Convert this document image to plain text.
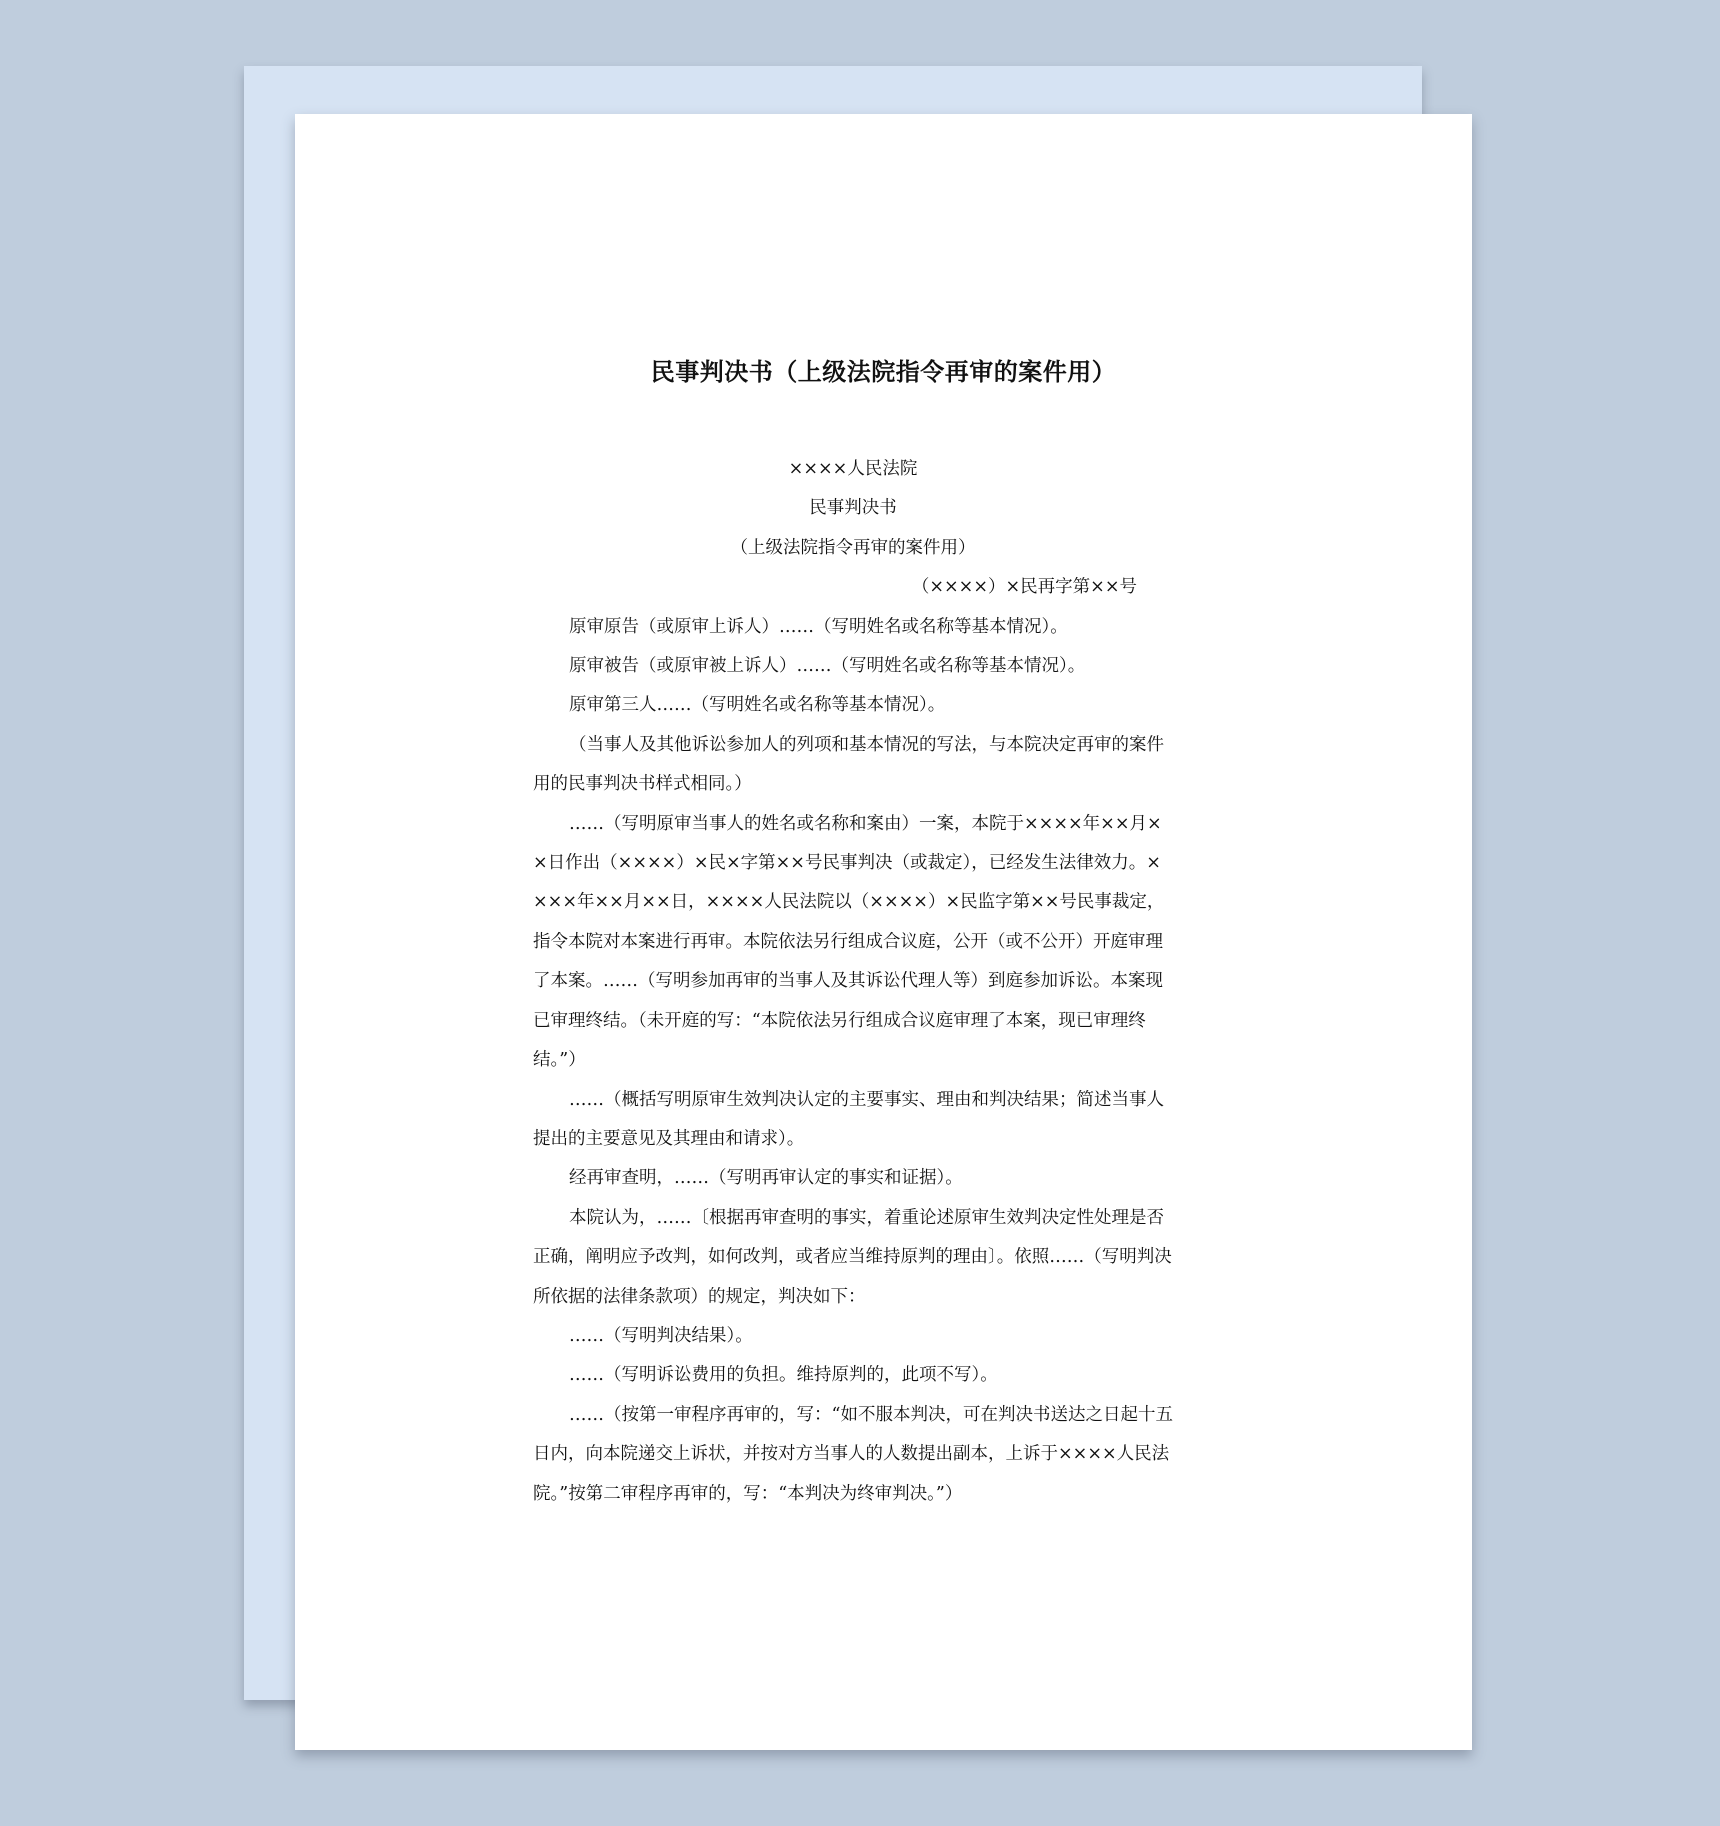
民事判决书（上级法院指令再审的案件用）

××××人民法院

民事判决书

（上级法院指令再审的案件用）

（××××）×民再字第××号

原审原告（或原审上诉人）……（写明姓名或名称等基本情况）。

原审被告（或原审被上诉人）……（写明姓名或名称等基本情况）。

原审第三人……（写明姓名或名称等基本情况）。

（当事人及其他诉讼参加人的列项和基本情况的写法，与本院决定再审的案件用的民事判决书样式相同。）

……（写明原审当事人的姓名或名称和案由）一案，本院于××××年××月××日作出（××××）×民×字第××号民事判决（或裁定），已经发生法律效力。××××年××月××日，××××人民法院以（××××）×民监字第××号民事裁定，指令本院对本案进行再审。本院依法另行组成合议庭，公开（或不公开）开庭审理了本案。……（写明参加再审的当事人及其诉讼代理人等）到庭参加诉讼。本案现已审理终结。（未开庭的写：“本院依法另行组成合议庭审理了本案，现已审理终结。”）

……（概括写明原审生效判决认定的主要事实、理由和判决结果；简述当事人提出的主要意见及其理由和请求）。

经再审查明，……（写明再审认定的事实和证据）。

本院认为，……〔根据再审查明的事实，着重论述原审生效判决定性处理是否正确，阐明应予改判，如何改判，或者应当维持原判的理由〕。依照……（写明判决所依据的法律条款项）的规定，判决如下：

……（写明判决结果）。

……（写明诉讼费用的负担。维持原判的，此项不写）。

……（按第一审程序再审的，写：“如不服本判决，可在判决书送达之日起十五日内，向本院递交上诉状，并按对方当事人的人数提出副本，上诉于××××人民法院。”按第二审程序再审的，写：“本判决为终审判决。”）
